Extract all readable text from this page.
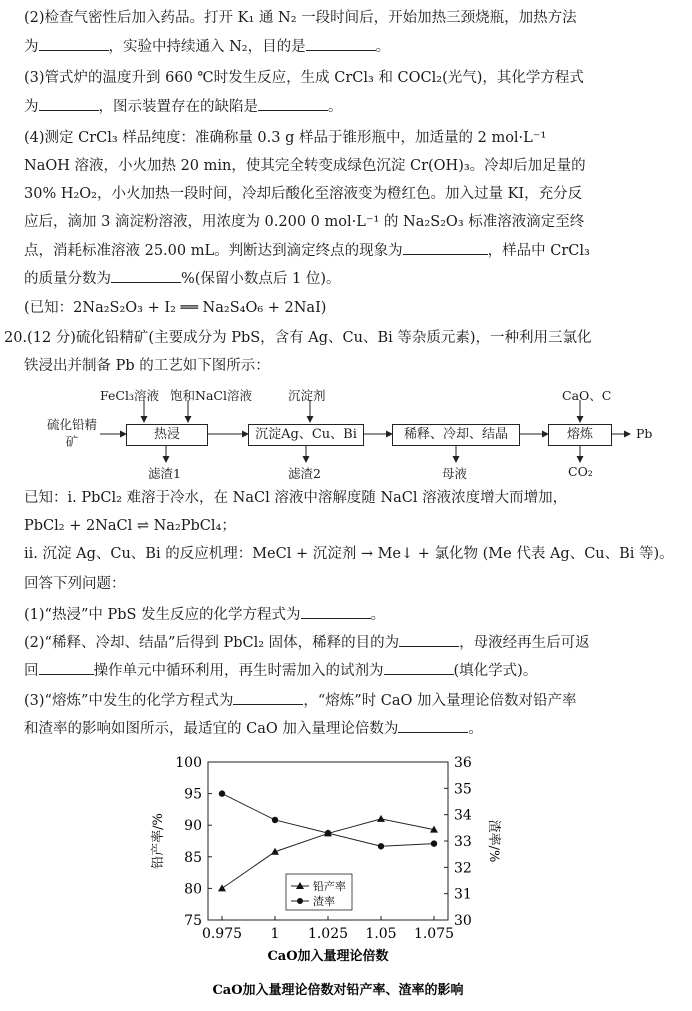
(2)检查气密性后加入药品。打开 K₁ 通 N₂ 一段时间后，开始加热三颈烧瓶，加热方法
为	，实验中持续通入 N₂，目的是	。
(3)管式炉的温度升到 660 ℃时发生反应，生成 CrCl₃ 和 COCl₂(光气)，其化学方程式
为	，图示装置存在的缺陷是	。
(4)测定 CrCl₃ 样品纯度：准确称量 0.3 g 样品于锥形瓶中，加适量的 2 mol·L⁻¹
NaOH 溶液，小火加热 20 min，使其完全转变成绿色沉淀 Cr(OH)₃。冷却后加足量的
30% H₂O₂，小火加热一段时间，冷却后酸化至溶液变为橙红色。加入过量 KI，充分反
应后，滴加 3 滴淀粉溶液，用浓度为 0.200 0 mol·L⁻¹ 的 Na₂S₂O₃ 标准溶液滴定至终
点，消耗标准溶液 25.00 mL。判断达到滴定终点的现象为	，样品中 CrCl₃
的质量分数为	%(保留小数点后 1 位)。
(已知：2Na₂S₂O₃ + I₂ ══ Na₂S₄O₆ + 2NaI)
20.(12 分)硫化铅精矿(主要成分为 PbS，含有 Ag、Cu、Bi 等杂质元素)，一种利用三氯化
铁浸出并制备 Pb 的工艺如下图所示：
硫化铅精矿
FeCl₃溶液 饱和NaCl溶液	沉淀剂	CaO、C
热浸	沉淀Ag、Cu、Bi	稀释、冷却、结晶	熔炼	Pb
滤渣1	滤渣2	母液	CO₂
已知：i. PbCl₂ 难溶于冷水，在 NaCl 溶液中溶解度随 NaCl 溶液浓度增大而增加，
PbCl₂ + 2NaCl ⇌ Na₂PbCl₄；
ii. 沉淀 Ag、Cu、Bi 的反应机理：MeCl + 沉淀剂 → Me↓ + 氯化物 (Me 代表 Ag、Cu、Bi 等)。
回答下列问题：
(1)“热浸”中 PbS 发生反应的化学方程式为	。
(2)“稀释、冷却、结晶”后得到 PbCl₂ 固体，稀释的目的为	，母液经再生后可返
回	操作单元中循环利用，再生时需加入的试剂为	(填化学式)。
(3)“熔炼”中发生的化学方程式为	，“熔炼”时 CaO 加入量理论倍数对铅产率
和渣率的影响如图所示，最适宜的 CaO 加入量理论倍数为	。
75
80
85
90
95
100
30
31
32
33
34
35
36
0.975 1 1.025 1.05 1.075
CaO加入量理论倍数
铅产率/%	渣率/%
CaO加入量理论倍数对铅产率、渣率的影响
铅产率
渣率
